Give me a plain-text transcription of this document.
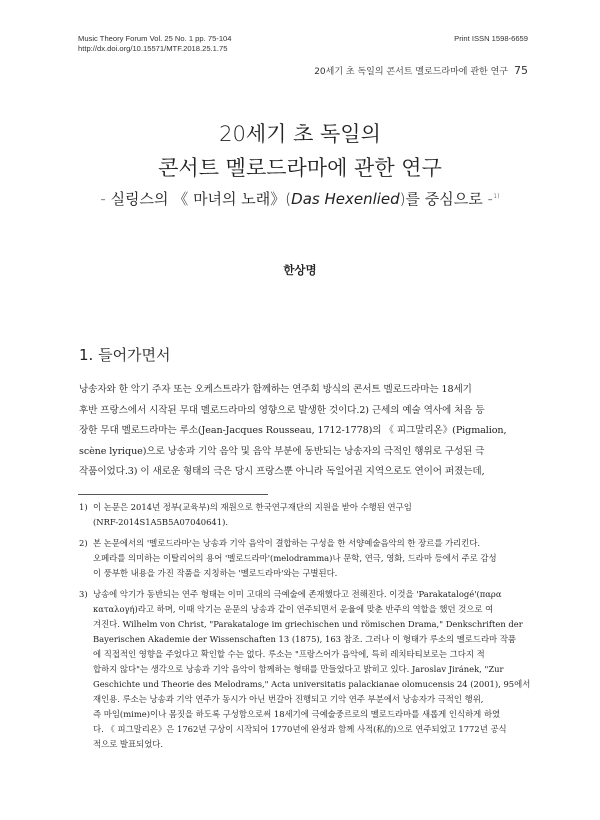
Music Theory Forum Vol. 25 No. 1 pp. 75-104
http://dx.doi.org/10.15571/MTF.2018.25.1.75
Print ISSN 1598-6659
20세기 초 독일의 콘서트 멜로드라마에 관한 연구 75
20세기 초 독일의
콘서트 멜로드라마에 관한 연구
- 실링스의 《 마녀의 노래》(Das Hexenlied)를 중심으로 -$^{1)}$
한상명
1. 들어가면서
낭송자와 한 악기 주자 또는 오케스트라가 함께하는 연주회 방식의 콘서트 멜로드라마는 18세기
후반 프랑스에서 시작된 무대 멜로드라마의 영향으로 발생한 것이다.2) 근세의 예술 역사에 처음 등
장한 무대 멜로드라마는 루소(Jean-Jacques Rousseau, 1712-1778)의 《 피그말리온》(Pigmalion,
scène lyrique)으로 낭송과 기악 음악 및 음악 부분에 동반되는 낭송자의 극적인 행위로 구성된 극
작품이었다.3) 이 새로운 형태의 극은 당시 프랑스뿐 아니라 독일어권 지역으로도 연이어 퍼졌는데,
1) 이 논문은 2014년 정부(교육부)의 재원으로 한국연구재단의 지원을 받아 수행된 연구임
(NRF-2014S1A5B5A07040641).
2) 본 논문에서의 '멜로드라마'는 낭송과 기악 음악이 결합하는 구성을 한 서양예술음악의 한 장르를 가리킨다.
오페라를 의미하는 이탈리어의 용어 '멜로드라마'(melodramma)나 문학, 연극, 영화, 드라마 등에서 주로 감성
이 풍부한 내용을 가진 작품을 지칭하는 '멜로드라마'와는 구별된다.
3) 낭송에 악기가 동반되는 연주 형태는 이미 고대의 극예술에 존재했다고 전해진다. 이것을 'Parakatalogé'(παρα
καταλογή)라고 하며, 이때 악기는 운문의 낭송과 같이 연주되면서 운율에 맞춘 반주의 역할을 했던 것으로 여
겨진다. Wilhelm von Christ, "Parakataloge im griechischen und römischen Drama," Denkschriften der
Bayerischen Akademie der Wissenschaften 13 (1875), 163 참조. 그러나 이 형태가 루소의 멜로드라마 작품
에 직접적인 영향을 주었다고 확인할 수는 없다. 루소는 "프랑스어가 음악에, 특히 레치타티보로는 그다지 적
합하지 않다"는 생각으로 낭송과 기악 음악이 함께하는 형태를 만들었다고 밝히고 있다. Jaroslav Jiránek, "Zur
Geschichte und Theorie des Melodrams," Acta universitatis palackianae olomucensis 24 (2001), 95에서
재인용. 루소는 낭송과 기악 연주가 동시가 아닌 번갈아 진행되고 기악 연주 부분에서 낭송자가 극적인 행위,
즉 마임(mime)이나 몸짓을 하도록 구성함으로써 18세기에 극예술중르로의 멜로드라마를 새롭게 인식하게 하였
다. 《 피그말리온》은 1762년 구상이 시작되어 1770년에 완성과 함께 사적(私的)으로 연주되었고 1772년 공식
적으로 발표되었다.
